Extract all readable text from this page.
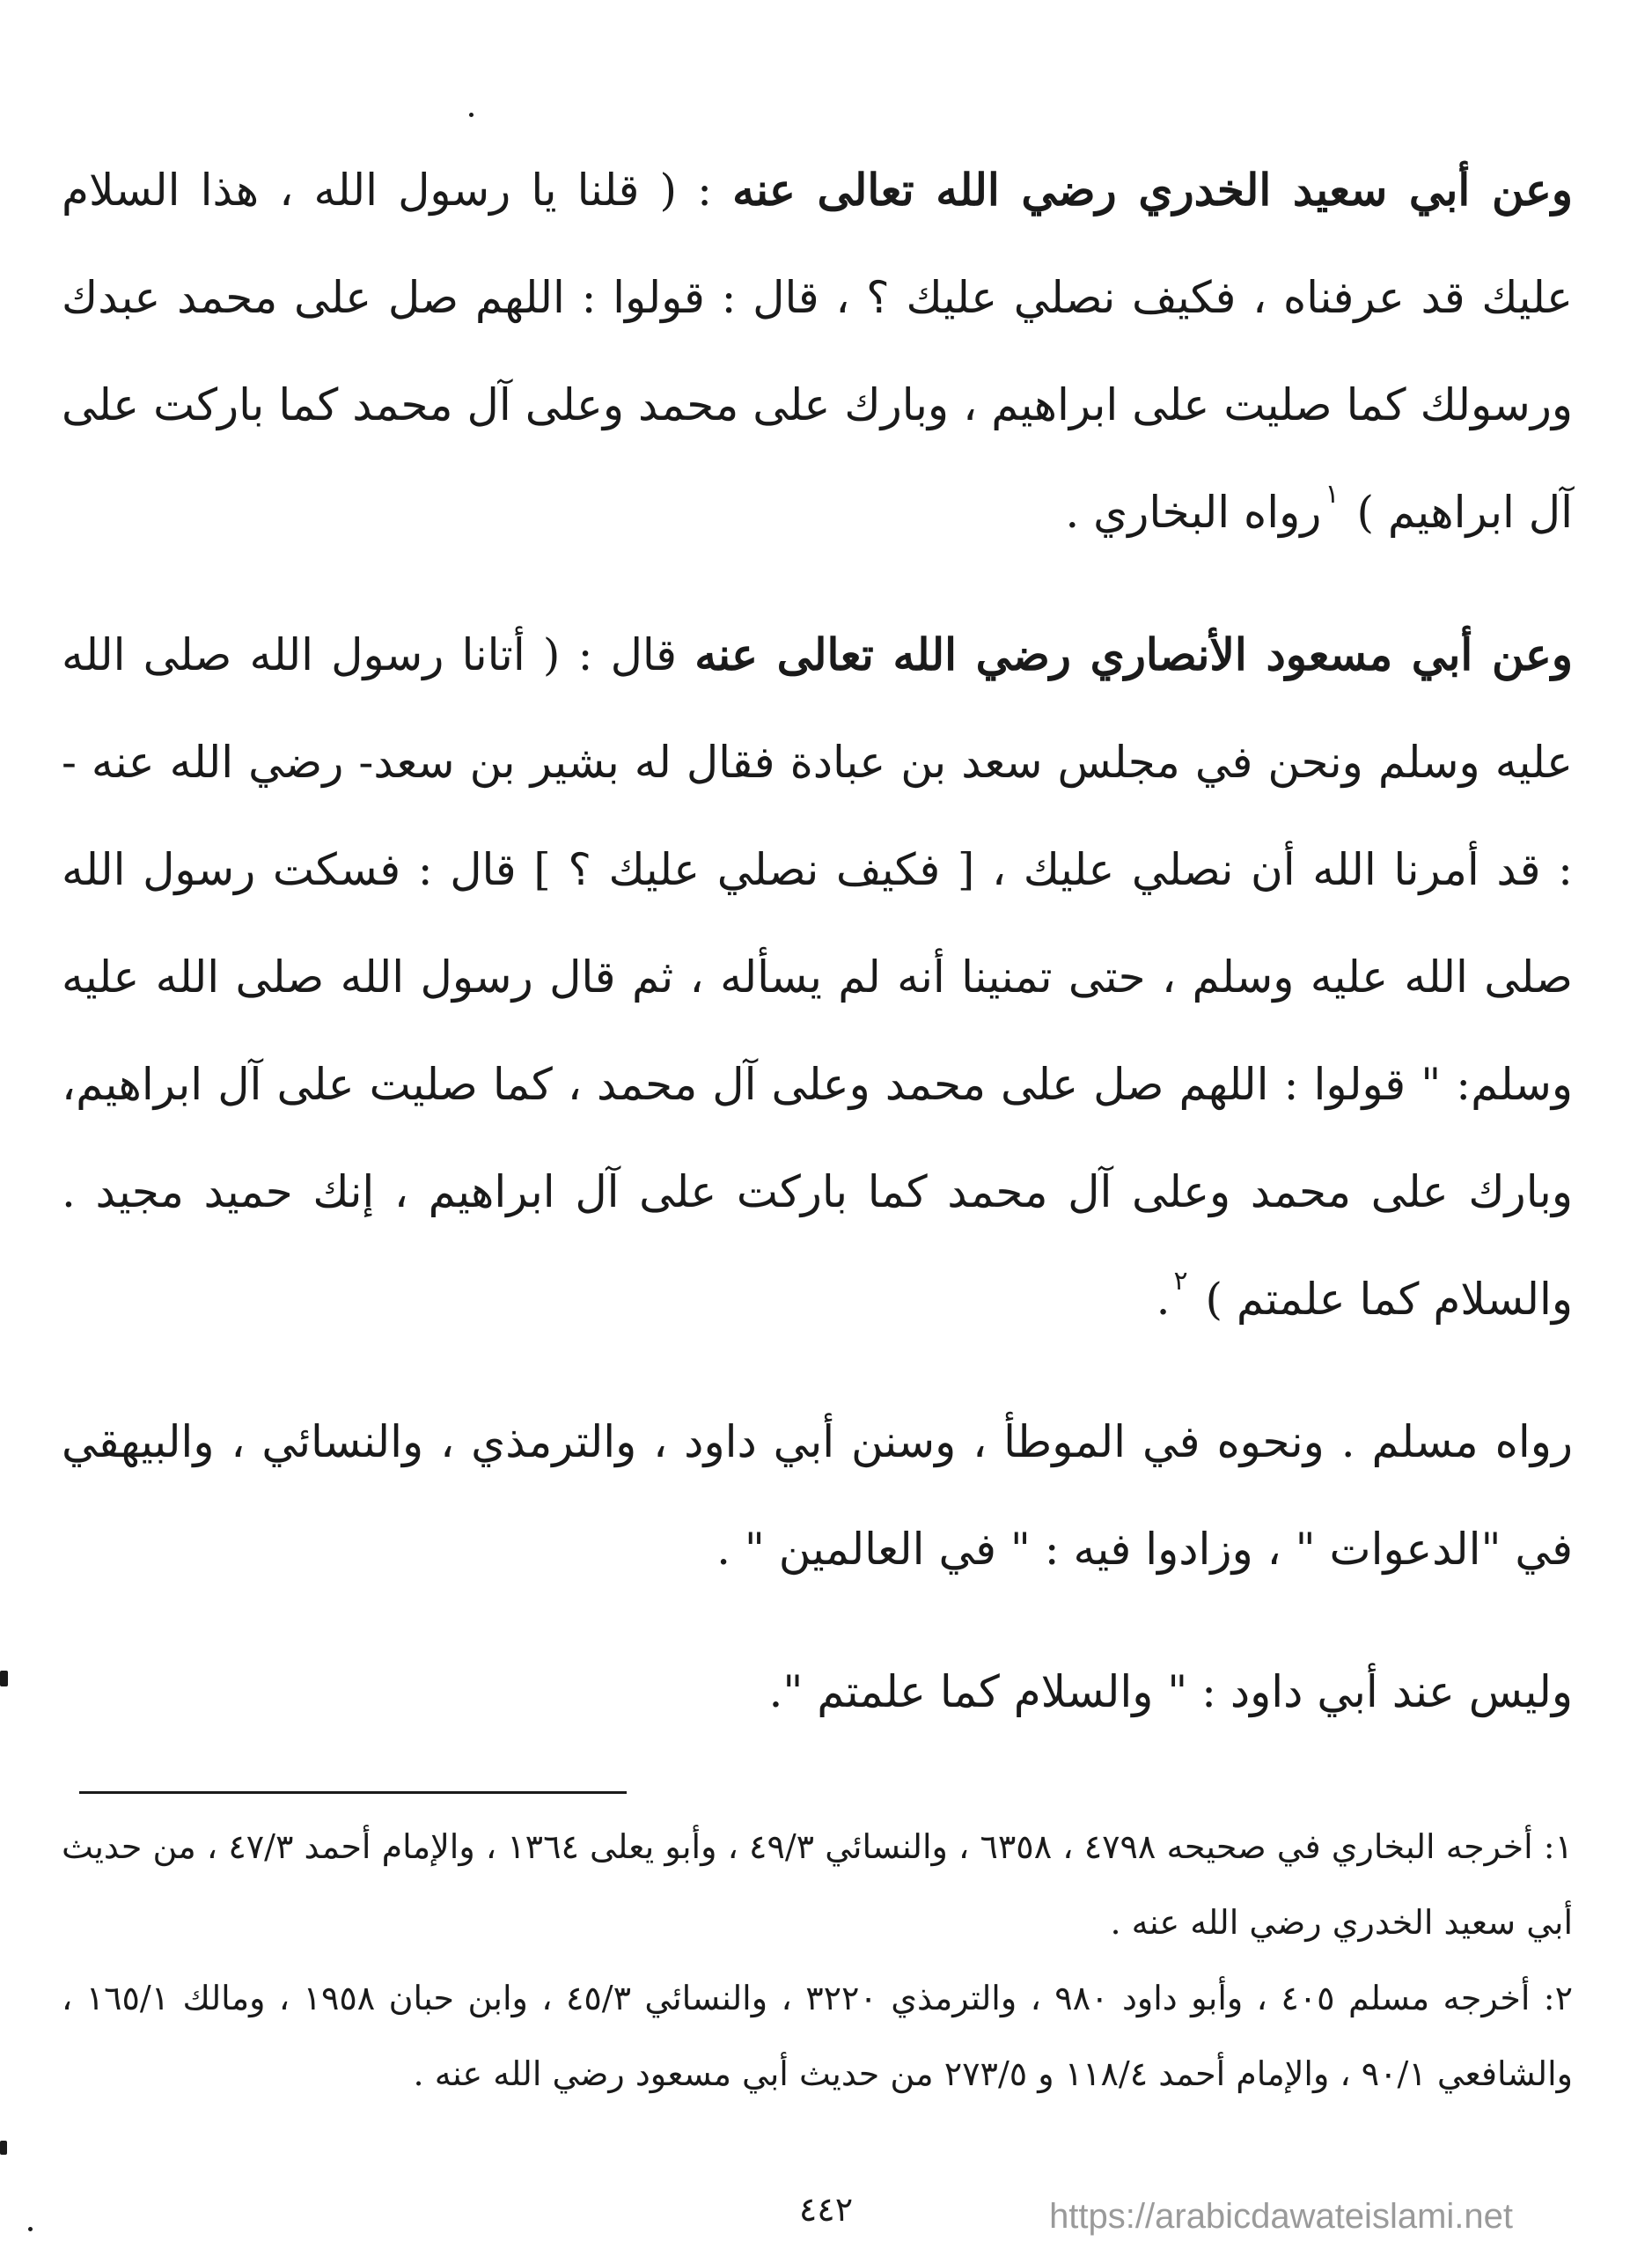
وعن أبي سعيد الخدري رضي الله تعالى عنه : ( قلنا يا رسول الله ، هذا السلام عليك قد عرفناه ، فكيف نصلي عليك ؟ ، قال : قولوا : اللهم صل على محمد عبدك ورسولك كما صليت على ابراهيم ، وبارك على محمد وعلى آل محمد كما باركت على آل ابراهيم ) $^١$رواه البخاري .

وعن أبي مسعود الأنصاري رضي الله تعالى عنه قال : ( أتانا رسول الله صلى الله عليه وسلم ونحن في مجلس سعد بن عبادة فقال له بشير بن سعد- رضي الله عنه - : قد أمرنا الله أن نصلي عليك ، [ فكيف نصلي عليك ؟ ] قال : فسكت رسول الله صلى الله عليه وسلم ، حتى تمنينا أنه لم يسأله ، ثم قال رسول الله صلى الله عليه وسلم: " قولوا : اللهم صل على محمد وعلى آل محمد ، كما صليت على آل ابراهيم، وبارك على محمد وعلى آل محمد كما باركت على آل ابراهيم ، إنك حميد مجيد . والسلام كما علمتم ) $^٢$.

رواه مسلم . ونحوه في الموطأ ، وسنن أبي داود ، والترمذي ، والنسائي ، والبيهقي في "الدعوات " ، وزادوا فيه : " في العالمين " .

وليس عند أبي داود : " والسلام كما علمتم ".

١: أخرجه البخاري في صحيحه ٤٧٩٨ ، ٦٣٥٨ ، والنسائي ٤٩/٣ ، وأبو يعلى ١٣٦٤ ، والإمام أحمد ٤٧/٣ ، من حديث أبي سعيد الخدري رضي الله عنه .

٢: أخرجه مسلم ٤٠٥ ، وأبو داود ٩٨٠ ، والترمذي ٣٢٢٠ ، والنسائي ٤٥/٣ ، وابن حبان ١٩٥٨ ، ومالك ١٦٥/١ ، والشافعي ٩٠/١ ، والإمام أحمد ١١٨/٤ و ٢٧٣/٥ من حديث أبي مسعود رضي الله عنه .

٤٤٢	https://arabicdawateislami.net
